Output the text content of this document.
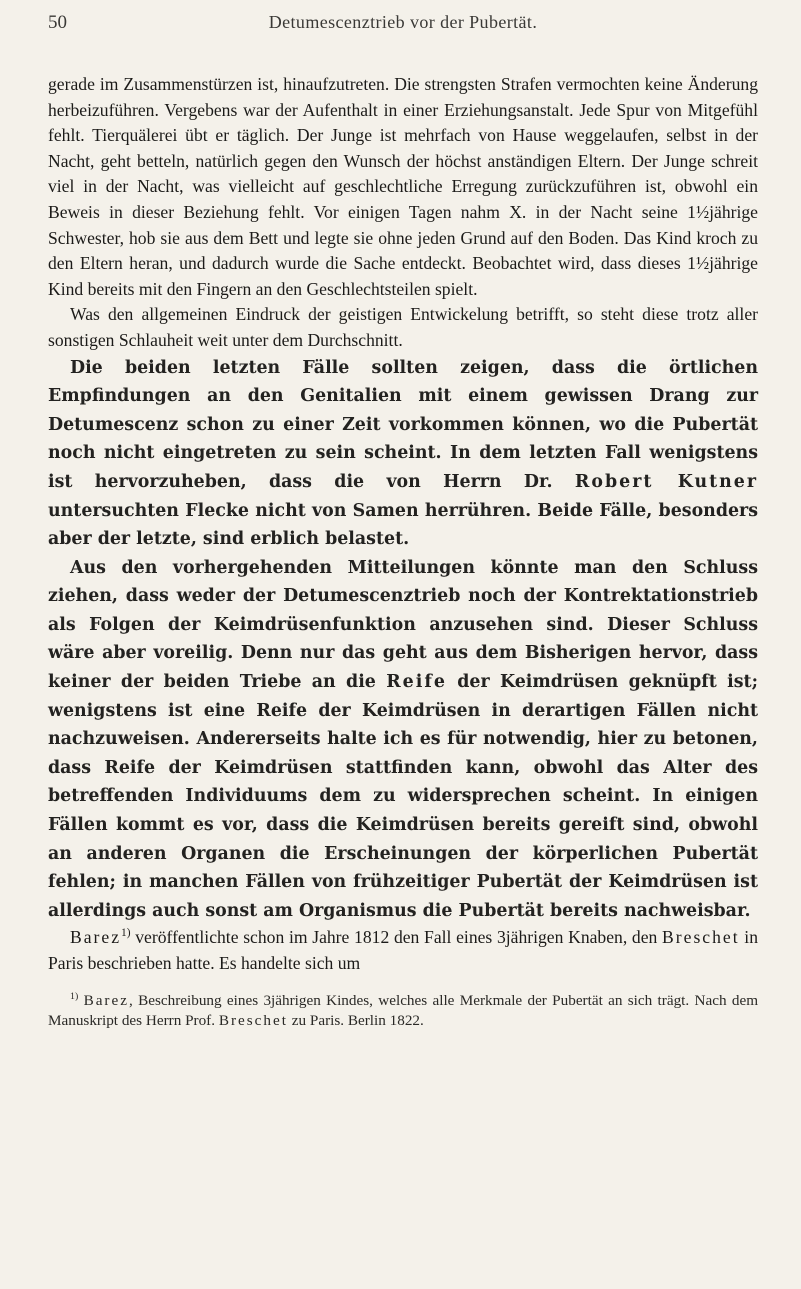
50	Detumescenztrieb vor der Pubertät.

gerade im Zusammenstürzen ist, hinaufzutreten. Die strengsten Strafen vermochten keine Änderung herbeizuführen. Vergebens war der Aufenthalt in einer Erziehungsanstalt. Jede Spur von Mitgefühl fehlt. Tierquälerei übt er täglich. Der Junge ist mehrfach von Hause weggelaufen, selbst in der Nacht, geht betteln, natürlich gegen den Wunsch der höchst anständigen Eltern. Der Junge schreit viel in der Nacht, was vielleicht auf geschlechtliche Erregung zurückzuführen ist, obwohl ein Beweis in dieser Beziehung fehlt. Vor einigen Tagen nahm X. in der Nacht seine 1½jährige Schwester, hob sie aus dem Bett und legte sie ohne jeden Grund auf den Boden. Das Kind kroch zu den Eltern heran, und dadurch wurde die Sache entdeckt. Beobachtet wird, dass dieses 1½jährige Kind bereits mit den Fingern an den Geschlechtsteilen spielt.

Was den allgemeinen Eindruck der geistigen Entwickelung betrifft, so steht diese trotz aller sonstigen Schlauheit weit unter dem Durchschnitt.

Die beiden letzten Fälle sollten zeigen, dass die örtlichen Empfindungen an den Genitalien mit einem gewissen Drang zur Detumescenz schon zu einer Zeit vorkommen können, wo die Pubertät noch nicht eingetreten zu sein scheint. In dem letzten Fall wenigstens ist hervorzuheben, dass die von Herrn Dr. Robert Kutner untersuchten Flecke nicht von Samen herrühren. Beide Fälle, besonders aber der letzte, sind erblich belastet.

Aus den vorhergehenden Mitteilungen könnte man den Schluss ziehen, dass weder der Detumescenztrieb noch der Kontrektationstrieb als Folgen der Keimdrüsenfunktion anzusehen sind. Dieser Schluss wäre aber voreilig. Denn nur das geht aus dem Bisherigen hervor, dass keiner der beiden Triebe an die Reife der Keimdrüsen geknüpft ist; wenigstens ist eine Reife der Keimdrüsen in derartigen Fällen nicht nachzuweisen. Andererseits halte ich es für notwendig, hier zu betonen, dass Reife der Keimdrüsen stattfinden kann, obwohl das Alter des betreffenden Individuums dem zu widersprechen scheint. In einigen Fällen kommt es vor, dass die Keimdrüsen bereits gereift sind, obwohl an anderen Organen die Erscheinungen der körperlichen Pubertät fehlen; in manchen Fällen von frühzeitiger Pubertät der Keimdrüsen ist allerdings auch sonst am Organismus die Pubertät bereits nachweisbar.

Barez$^{1)}$ veröffentlichte schon im Jahre 1812 den Fall eines 3jährigen Knaben, den Breschet in Paris beschrieben hatte. Es handelte sich um

$^{1)}$ Barez, Beschreibung eines 3jährigen Kindes, welches alle Merkmale der Pubertät an sich trägt. Nach dem Manuskript des Herrn Prof. Breschet zu Paris. Berlin 1822.
